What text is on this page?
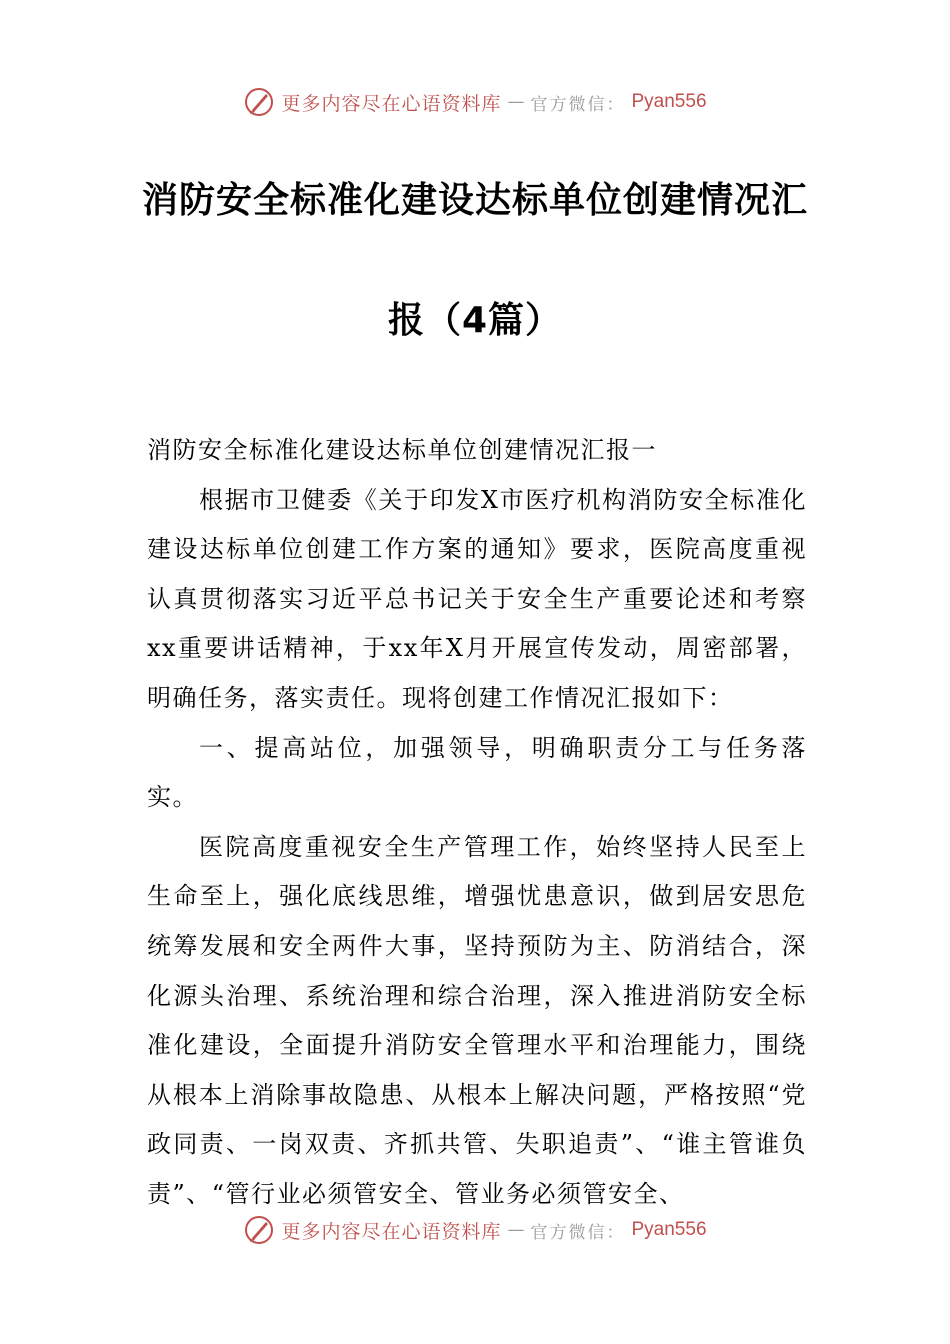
更多内容尽在心语资料库 — 官方微信： Pyan556
消防安全标准化建设达标单位创建情况汇
报（4篇）

消防安全标准化建设达标单位创建情况汇报一

根据市卫健委《关于印发X市医疗机构消防安全标准化建设达标单位创建工作方案的通知》要求，医院高度重视认真贯彻落实习近平总书记关于安全生产重要论述和考察xx重要讲话精神，于xx年X月开展宣传发动，周密部署，明确任务，落实责任。现将创建工作情况汇报如下：

一、提高站位，加强领导，明确职责分工与任务落实。

医院高度重视安全生产管理工作，始终坚持人民至上生命至上，强化底线思维，增强忧患意识，做到居安思危统筹发展和安全两件大事，坚持预防为主、防消结合，深化源头治理、系统治理和综合治理，深入推进消防安全标准化建设，全面提升消防安全管理水平和治理能力，围绕从根本上消除事故隐患、从根本上解决问题，严格按照“党政同责、一岗双责、齐抓共管、失职追责”、“谁主管谁负责”、“管行业必须管安全、管业务必须管安全、

更多内容尽在心语资料库 — 官方微信： Pyan556
